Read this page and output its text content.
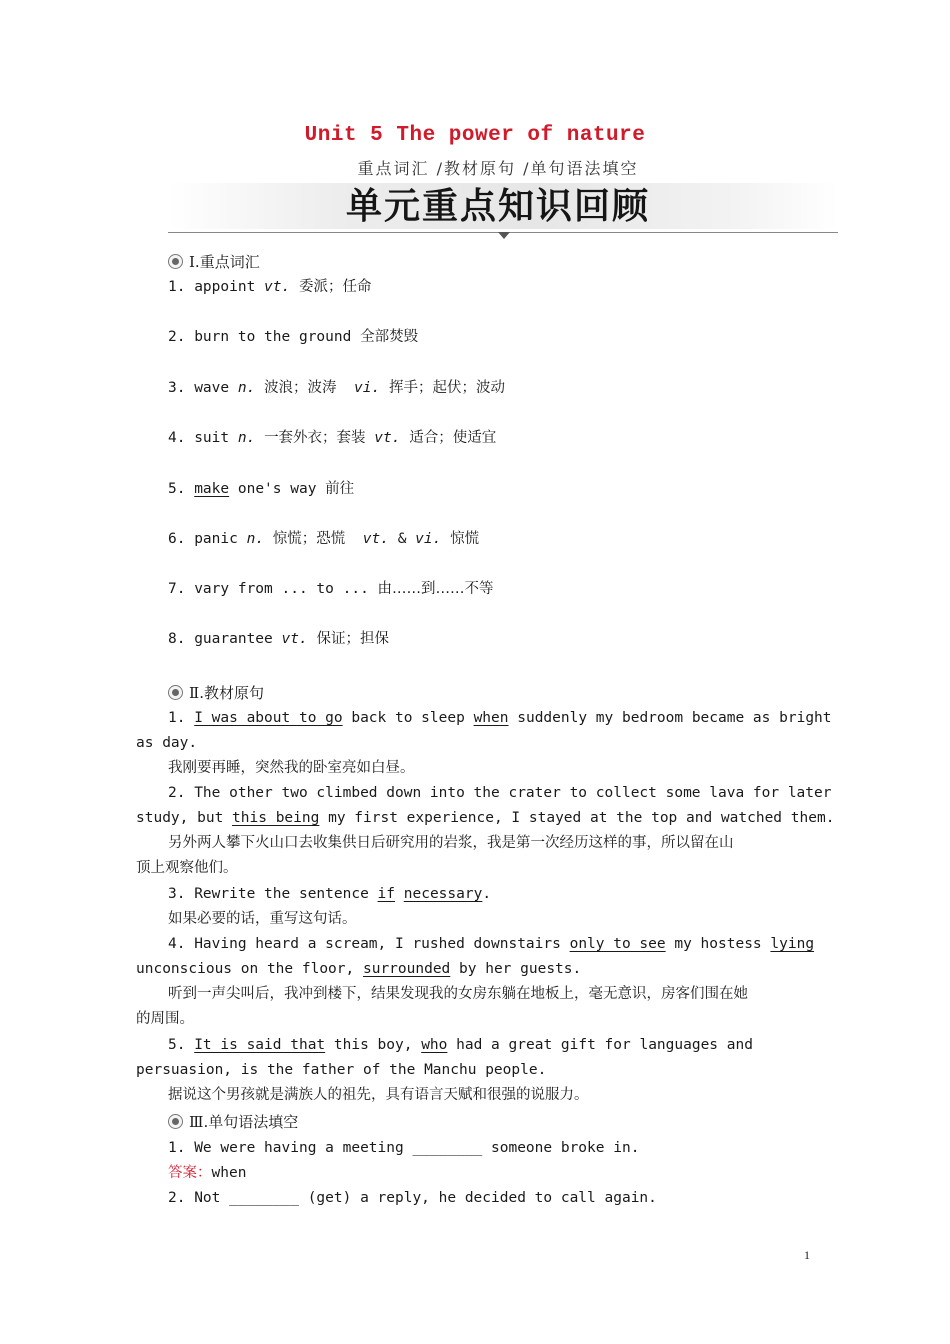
Unit 5 The power of nature
重点词汇 /教材原句 /单句语法填空
单元重点知识回顾
Ⅰ.重点词汇
1. appoint vt. 委派；任命
2. burn to the ground 全部焚毁
3. wave n. 波浪；波涛 vi. 挥手；起伏；波动
4. suit n. 一套外衣；套装 vt. 适合；使适宜
5. make one's way 前往
6. panic n. 惊慌；恐慌 vt. & vi. 惊慌
7. vary from ... to ... 由……到……不等
8. guarantee vt. 保证；担保
Ⅱ.教材原句
1. I was about to go back to sleep when suddenly my bedroom became as bright
as day.
我刚要再睡，突然我的卧室亮如白昼。
2. The other two climbed down into the crater to collect some lava for later
study, but this being my first experience, I stayed at the top and watched them.
另外两人攀下火山口去收集供日后研究用的岩浆，我是第一次经历这样的事，所以留在山
顶上观察他们。
3. Rewrite the sentence if necessary.
如果必要的话，重写这句话。
4. Having heard a scream, I rushed downstairs only to see my hostess lying
unconscious on the floor, surrounded by her guests.
听到一声尖叫后，我冲到楼下，结果发现我的女房东躺在地板上，毫无意识，房客们围在她
的周围。
5. It is said that this boy, who had a great gift for languages and
persuasion, is the father of the Manchu people.
据说这个男孩就是满族人的祖先，具有语言天赋和很强的说服力。
Ⅲ.单句语法填空
1. We were having a meeting ________ someone broke in.
答案：when
2. Not ________ (get) a reply, he decided to call again.
1
